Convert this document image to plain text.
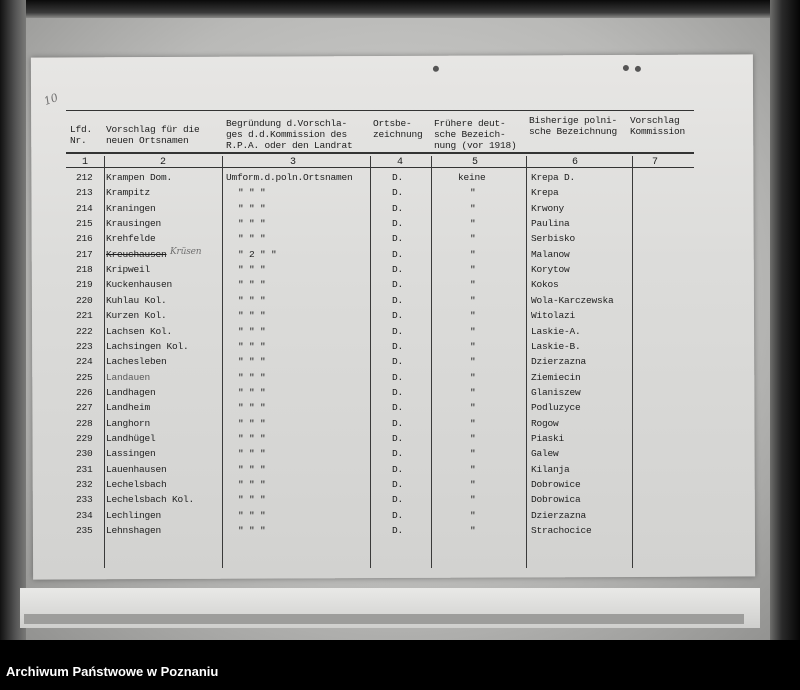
10
Lfd.
Nr.
Vorschlag für die
neuen Ortsnamen
Begründung d.Vorschla-
ges d.d.Kommission des
R.P.A. oder den Landrat
Ortsbe-
zeichnung
Frühere deut-
sche Bezeich-
nung (vor 1918)
Bisherige polni-
sche Bezeichnung
Vorschlag
Kommission
1	2	3	4	5	6	7
212 Krampen Dom.	Umform.d.poln.Ortsnamen	D.	keine	Krepa D.
213 Krampitz	" " "	D.	"	Krepa
214 Kraningen	" " "	D.	"	Krwony
215 Krausingen	" " "	D.	"	Paulina
216 Krehfelde	" " "	D.	"	Serbisko
217 Kreuchausen	" 2 " "	D.	"	Malanow
Krüsen
218 Kripweil	" " "	D.	"	Korytow
219 Kuckenhausen	" " "	D.	"	Kokos
220 Kuhlau Kol.	" " "	D.	"	Wola-Karczewska
221 Kurzen Kol.	" " "	D.	"	Witolazi
222 Lachsen Kol.	" " "	D.	"	Laskie-A.
223 Lachsingen Kol.	" " "	D.	"	Laskie-B.
224 Lachesleben	" " "	D.	"	Dzierzazna
225 Landauen	" " "	D.	"	Ziemiecin
226 Landhagen	" " "	D.	"	Glaniszew
227 Landheim	" " "	D.	"	Podluzyce
228 Langhorn	" " "	D.	"	Rogow
229 Landhügel	" " "	D.	"	Piaski
230 Lassingen	" " "	D.	"	Galew
231 Lauenhausen	" " "	D.	"	Kilanja
232 Lechelsbach	" " "	D.	"	Dobrowice
233 Lechelsbach Kol.	" " "	D.	"	Dobrowica
234 Lechlingen	" " "	D.	"	Dzierzazna
235 Lehnshagen	" " "	D.	"	Strachocice
Archiwum Państwowe w Poznaniu
